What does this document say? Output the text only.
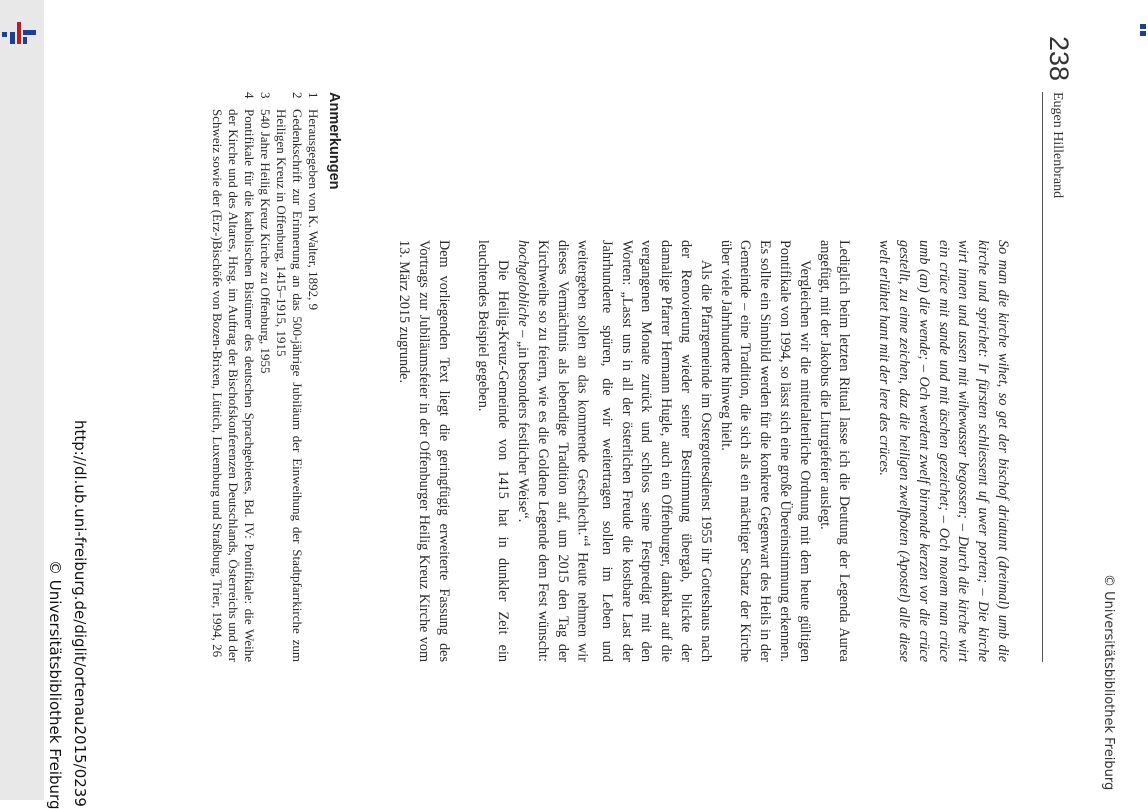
© Universitätsbibliothek Freiburg
238
Eugen Hillenbrand

So man die kirche wihet, so get der bischof driatunt (dreimal) umb die kirche und sprichet: Ir fürsten schliessent uf uwer porten; – Die kirche wirt innen und ussen mit wihewasser begossen; – Durch die kirche wirt ein crüce mit sande und mit äschen gezeichet; – Och mолет man crüce umb (an) die wende; – Och werdent zwelf birnende kerzen vor die crüce gestellt, zu eime zeichen, daz die heiligen zwelfboten (Apostel) alle diese welt erlühtet hant mit der lere des crüces.

Lediglich beim letzten Ritual lasse ich die Deutung der Legenda Aurea angefügt, mit der Jakobus die Liturgiefeier auslegt.

Vergleichen wir die mittelalterliche Ordnung mit dem heute gültigen Pontifikale von 1994, so lässt sich eine große Übereinstimmung erkennen. Es sollte ein Sinnbild werden für die konkrete Gegenwart des Heils in der Gemeinde – eine Tradition, die sich als ein mächtiger Schatz der Kirche über viele Jahrhunderte hinweg hielt.

Als die Pfarrgemeinde im Ostergottesdienst 1955 ihr Gotteshaus nach der Renovierung wieder seiner Bestimmung übergab, blickte der damalige Pfarrer Hermann Hugle, auch ein Offenburger, dankbar auf die vergangenen Monate zurück und schloss seine Festpredigt mit den Worten: „Lasst uns in all der österlichen Freude die kostbare Last der Jahrhunderte spüren, die wir weitertragen sollen im Leben und weitergeben sollen an das kommende Geschlecht.“$^4$ Heute nehmen wir dieses Vermächtnis als lebendige Tradition auf, um 2015 den Tag der Kirchweihe so zu feiern, wie es die Goldene Legende dem Fest wünscht: hochgelobliche – „in besonders festlicher Weise“.

Die Heilig-Kreuz-Gemeinde von 1415 hat in dunkler Zeit ein leuchtendes Beispiel gegeben.

Dem vorliegenden Text liegt die geringfügig erweiterte Fassung des Vortrags zur Jubiläumsfeier in der Offenburger Heilig Kreuz Kirche vom 13. März 2015 zugrunde.

Anmerkungen
1
Herausgegeben von K. Walter, 1892, 9
2
Gedenkschrift zur Erinnerung an das 500-jährige Jubiläum der Einweihung der Stadtpfarrkirche zum Heiligen Kreuz in Offenburg, 1415–1915, 1915
3
540 Jahre Heilig Kreuz Kirche zu Offenburg, 1955
4
Pontifikale für die katholischen Bistümer des deutschen Sprachgebietes, Bd. IV: Pontifikale: die Weihe der Kirche und des Altares, Hrsg. im Auftrag der Bischofskonferenzen Deutschlands, Österreichs und der Schweiz sowie der (Erz-)Bischöfe von Bozen-Brixen, Lüttich, Luxemburg und Straßburg, Trier, 1994, 26
http://dl.ub.uni-freiburg.de/diglit/ortenau2015/0239
© Universitätsbibliothek Freiburg
